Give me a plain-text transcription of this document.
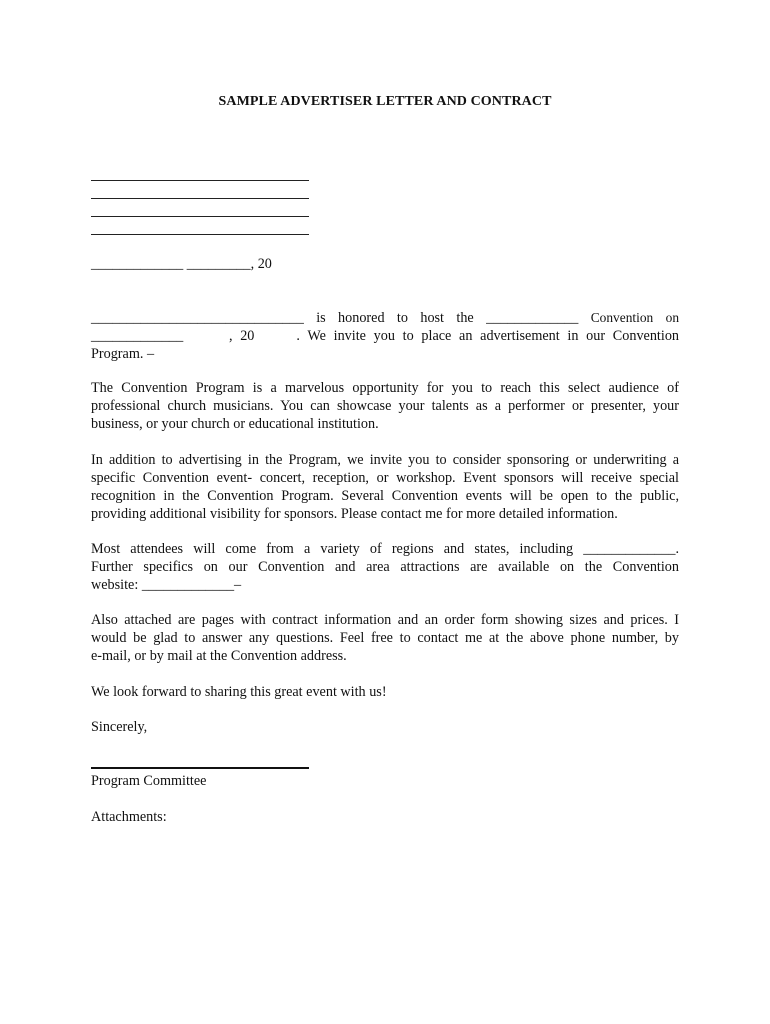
SAMPLE ADVERTISER LETTER AND CONTRACT
_____________ _________, 20
______________________________ is honored to host the _____________ Convention on
_____________	, 20	. We invite you to place an advertisement in our Convention
Program. –
The Convention Program is a marvelous opportunity for you to reach this select audience of
professional church musicians. You can showcase your talents as a performer or presenter, your
business, or your church or educational institution.
In addition to advertising in the Program, we invite you to consider sponsoring or underwriting a
specific Convention event- concert, reception, or workshop. Event sponsors will receive special
recognition in the Convention Program. Several Convention events will be open to the public,
providing additional visibility for sponsors. Please contact me for more detailed information.
Most attendees will come from a variety of regions and states, including _____________.
Further specifics on our Convention and area attractions are available on the Convention
website: _____________–
Also attached are pages with contract information and an order form showing sizes and prices. I
would be glad to answer any questions. Feel free to contact me at the above phone number, by
e-mail, or by mail at the Convention address.
We look forward to sharing this great event with us!
Sincerely,
Program Committee
Attachments:
